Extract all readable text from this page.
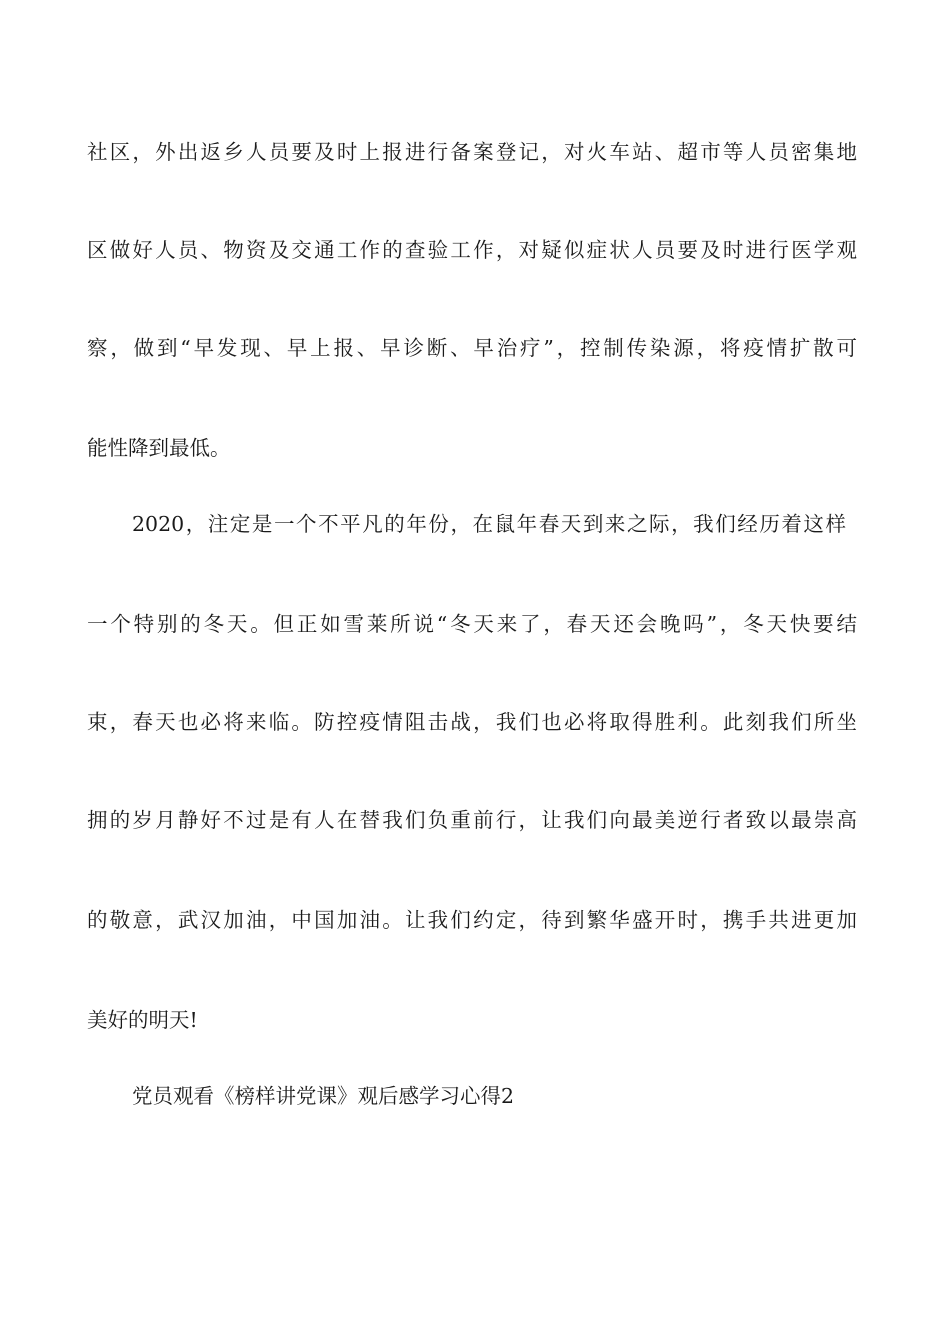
社区，外出返乡人员要及时上报进行备案登记，对火车站、超市等人员密集地
区做好人员、物资及交通工作的查验工作，对疑似症状人员要及时进行医学观
察，做到“早发现、早上报、早诊断、早治疗”，控制传染源，将疫情扩散可
能性降到最低。
2020，注定是一个不平凡的年份，在鼠年春天到来之际，我们经历着这样
一个特别的冬天。但正如雪莱所说“冬天来了，春天还会晚吗”，冬天快要结
束，春天也必将来临。防控疫情阻击战，我们也必将取得胜利。此刻我们所坐
拥的岁月静好不过是有人在替我们负重前行，让我们向最美逆行者致以最崇高
的敬意，武汉加油，中国加油。让我们约定，待到繁华盛开时，携手共进更加
美好的明天!
党员观看《榜样讲党课》观后感学习心得2
